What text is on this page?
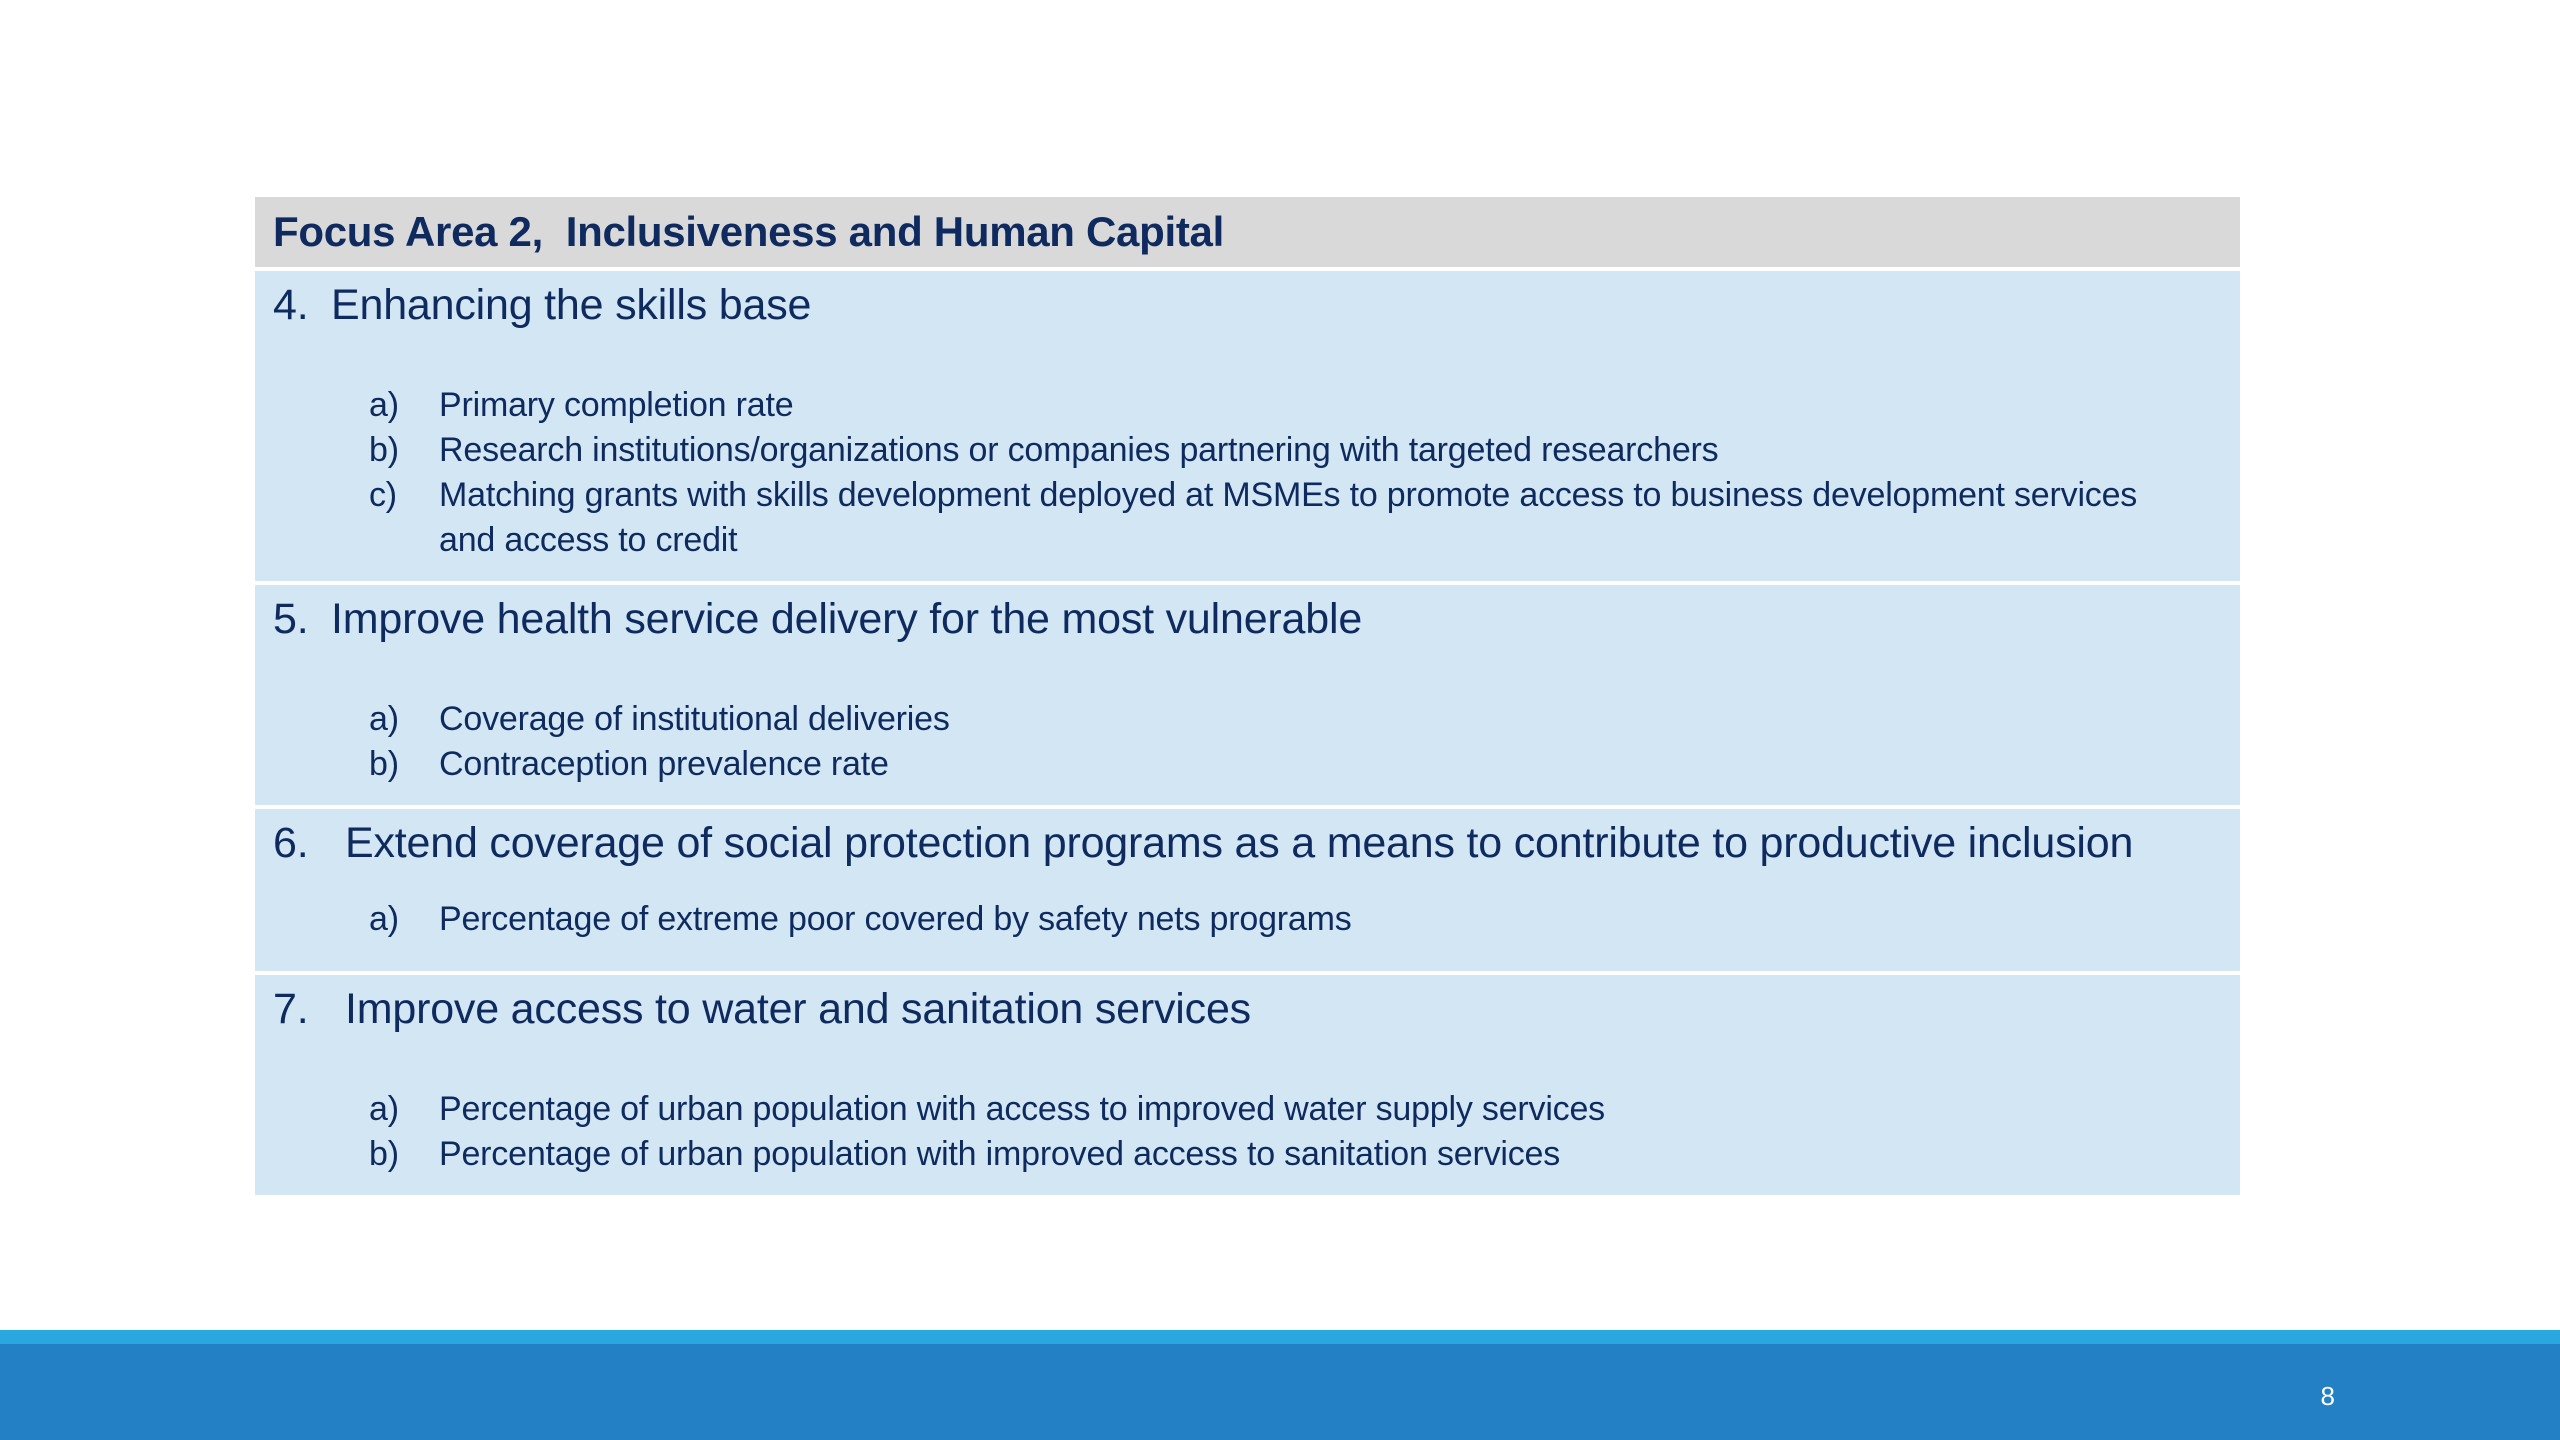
Focus Area 2,  Inclusiveness and Human Capital
4. Enhancing the skills base
a)	Primary completion rate
b)	Research institutions/organizations or companies partnering with targeted researchers
c)	Matching grants with skills development deployed at MSMEs to promote access to business development services and access to credit
5. Improve health service delivery for the most vulnerable
a)	Coverage of institutional deliveries
b)	Contraception prevalence rate
6. Extend coverage of social protection programs as a means to contribute to productive inclusion
a)	Percentage of extreme poor covered by safety nets programs
7. Improve access to water and sanitation services
a)	Percentage of urban population with access to improved water supply services
b)	Percentage of urban population with improved access to sanitation services
8
